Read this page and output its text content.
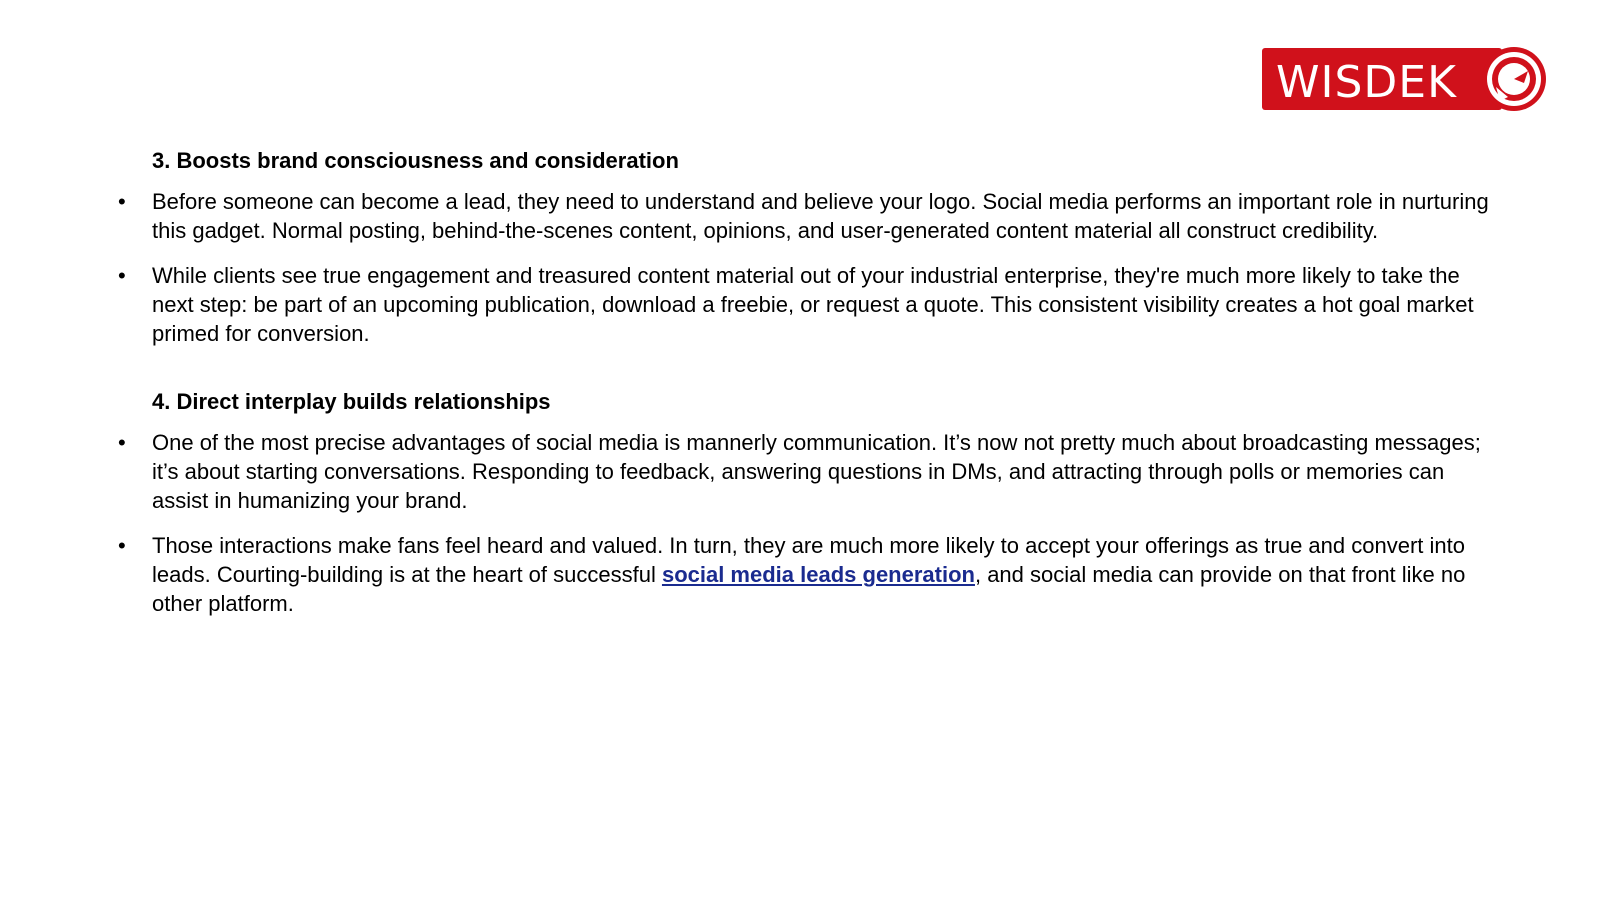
WISDEK
3. Boosts brand consciousness and consideration
• Before someone can become a lead, they need to understand and believe your logo. Social media performs an important role in nurturing this gadget. Normal posting, behind-the-scenes content, opinions, and user-generated content material all construct credibility.
• While clients see true engagement and treasured content material out of your industrial enterprise, they're much more likely to take the next step: be part of an upcoming publication, download a freebie, or request a quote. This consistent visibility creates a hot goal market primed for conversion.
4. Direct interplay builds relationships
• One of the most precise advantages of social media is mannerly communication. It’s now not pretty much about broadcasting messages; it’s about starting conversations. Responding to feedback, answering questions in DMs, and attracting through polls or memories can assist in humanizing your brand.
• Those interactions make fans feel heard and valued. In turn, they are much more likely to accept your offerings as true and convert into leads. Courting-building is at the heart of successful social media leads generation, and social media can provide on that front like no other platform.
